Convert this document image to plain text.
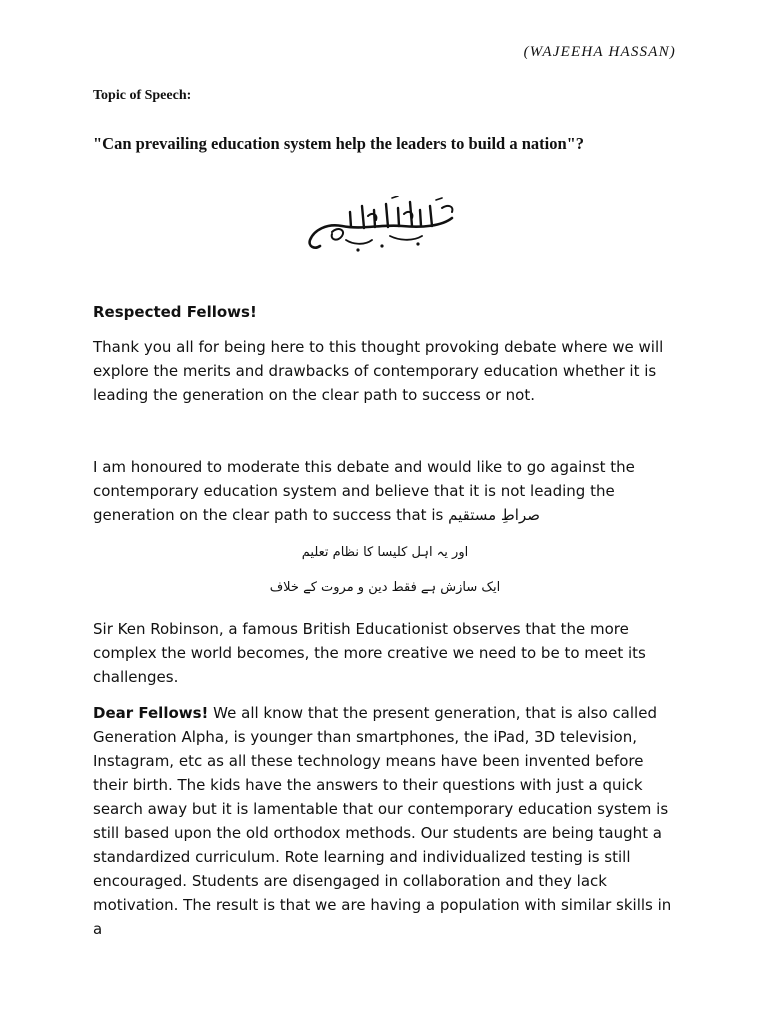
(WAJEEHA HASSAN)
Topic of Speech:
"Can prevailing education system help the leaders to build a nation"?
Respected Fellows!
Thank you all for being here to this thought provoking debate where we will explore the merits and drawbacks of contemporary education whether it is leading the generation on the clear path to success or not.
I am honoured to moderate this debate and would like to go against the contemporary education system and believe that it is not leading the generation on the clear path to success that is صراطِ مستقیم
اور یہ اہل کلیسا کا نظام تعلیم
ایک سازش ہے فقط دین و مروت کے خلاف
Sir Ken Robinson, a famous British Educationist observes that the more complex the world becomes, the more creative we need to be to meet its challenges.
Dear Fellows! We all know that the present generation, that is also called Generation Alpha, is younger than smartphones, the iPad, 3D television, Instagram, etc as all these technology means have been invented before their birth. The kids have the answers to their questions with just a quick search away but it is lamentable that our contemporary education system is still based upon the old orthodox methods. Our students are being taught a standardized curriculum. Rote learning and individualized testing is still encouraged. Students are disengaged in collaboration and they lack motivation. The result is that we are having a population with similar skills in a
